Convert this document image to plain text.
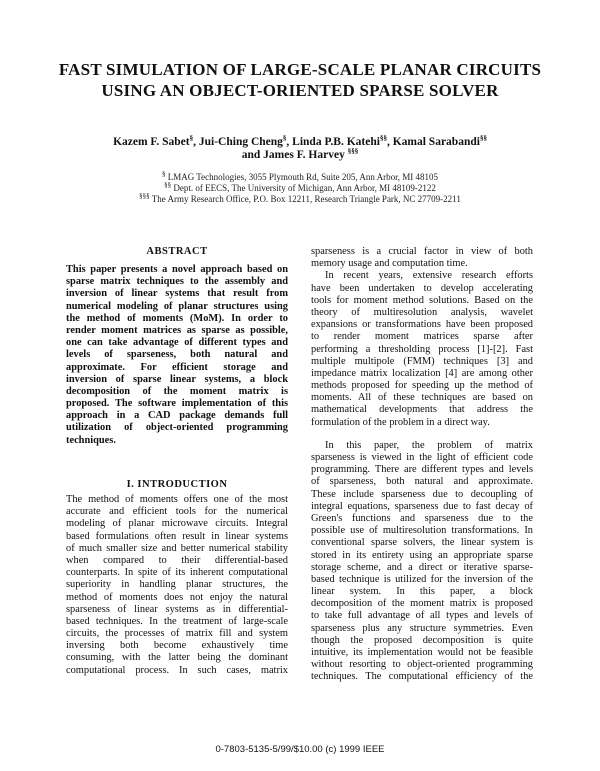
FAST SIMULATION OF LARGE-SCALE PLANAR CIRCUITS
USING AN OBJECT-ORIENTED SPARSE SOLVER
Kazem F. Sabet§, Jui-Ching Cheng§, Linda P.B. Katehi§§, Kamal Sarabandi§§
and James F. Harvey §§§
§ LMAG Technologies, 3055 Plymouth Rd, Suite 205, Ann Arbor, MI 48105
§§ Dept. of EECS, The University of Michigan, Ann Arbor, MI 48109-2122
§§§ The Army Research Office, P.O. Box 12211, Research Triangle Park, NC 27709-2211
ABSTRACT
This paper presents a novel approach based on
sparse matrix techniques to the assembly and
inversion of linear systems that result from
numerical modeling of planar structures using
the method of moments (MoM). In order to
render moment matrices as sparse as possible,
one can take advantage of different types and
levels of sparseness, both natural and
approximate. For efficient storage and
inversion of sparse linear systems, a block
decomposition of the moment matrix is
proposed. The software implementation of this
approach in a CAD package demands full
utilization of object-oriented programming
techniques.
I. INTRODUCTION
The method of moments offers one of the most
accurate and efficient tools for the numerical
modeling of planar microwave circuits. Integral
based formulations often result in linear systems
of much smaller size and better numerical stability
when compared to their differential-based
counterparts. In spite of its inherent computational
superiority in handling planar structures, the
method of moments does not enjoy the natural
sparseness of linear systems as in differential-
based techniques. In the treatment of large-scale
circuits, the processes of matrix fill and system
inversing both become exhaustively time
consuming, with the latter being the dominant
computational process. In such cases, matrix
sparseness is a crucial factor in view of both
memory usage and computation time.
In recent years, extensive research efforts
have been undertaken to develop accelerating
tools for moment method solutions. Based on the
theory of multiresolution analysis, wavelet
expansions or transformations have been proposed
to render moment matrices sparse after
performing a thresholding process [1]-[2]. Fast
multiple multipole (FMM) techniques [3] and
impedance matrix localization [4] are among other
methods proposed for speeding up the method of
moments. All of these techniques are based on
mathematical developments that address the
formulation of the problem in a direct way.
In this paper, the problem of matrix
sparseness is viewed in the light of efficient code
programming. There are different types and levels
of sparseness, both natural and approximate.
These include sparseness due to decoupling of
integral equations, sparseness due to fast decay of
Green's functions and sparseness due to the
possible use of multiresolution transformations. In
conventional sparse solvers, the linear system is
stored in its entirety using an appropriate sparse
storage scheme, and a direct or iterative sparse-
based technique is utilized for the inversion of the
linear system. In this paper, a block
decomposition of the moment matrix is proposed
to take full advantage of all types and levels of
sparseness plus any structure symmetries. Even
though the proposed decomposition is quite
intuitive, its implementation would not be feasible
without resorting to object-oriented programming
techniques. The computational efficiency of the
0-7803-5135-5/99/$10.00 (c) 1999 IEEE
